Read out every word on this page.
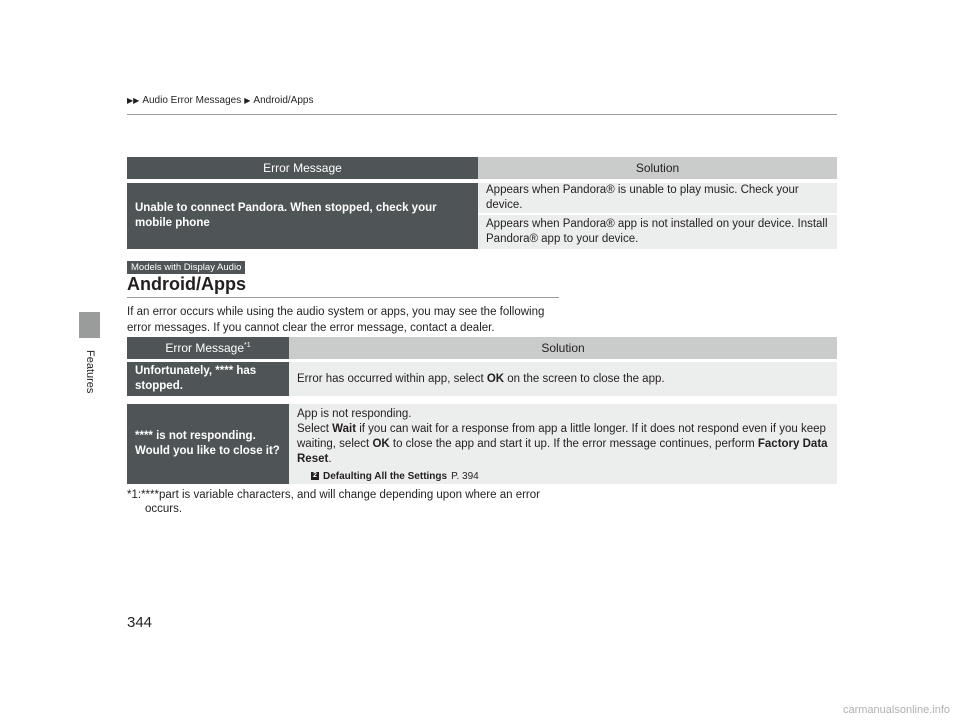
Features
▶▶ Audio Error Messages ▶ Android/Apps
Error Message	Solution
Unable to connect Pandora. When stopped, check your mobile phone	Appears when Pandora® is unable to play music. Check your device.
	Appears when Pandora® app is not installed on your device. Install Pandora® app to your device.
Models with Display Audio
Android/Apps
If an error occurs while using the audio system or apps, you may see the following error messages. If you cannot clear the error message, contact a dealer.
Error Message$^{*1}$	Solution
Unfortunately, **** has stopped.	Error has occurred within app, select OK on the screen to close the app.
**** is not responding. Would you like to close it?	App is not responding.
Select Wait if you can wait for a response from app a little longer. If it does not respond even if you keep waiting, select OK to close the app and start it up. If the error message continues, perform Factory Data Reset.
2 Defaulting All the Settings P. 394
*1:****part is variable characters, and will change depending upon where an error
occurs.
344
carmanualsonline.info
